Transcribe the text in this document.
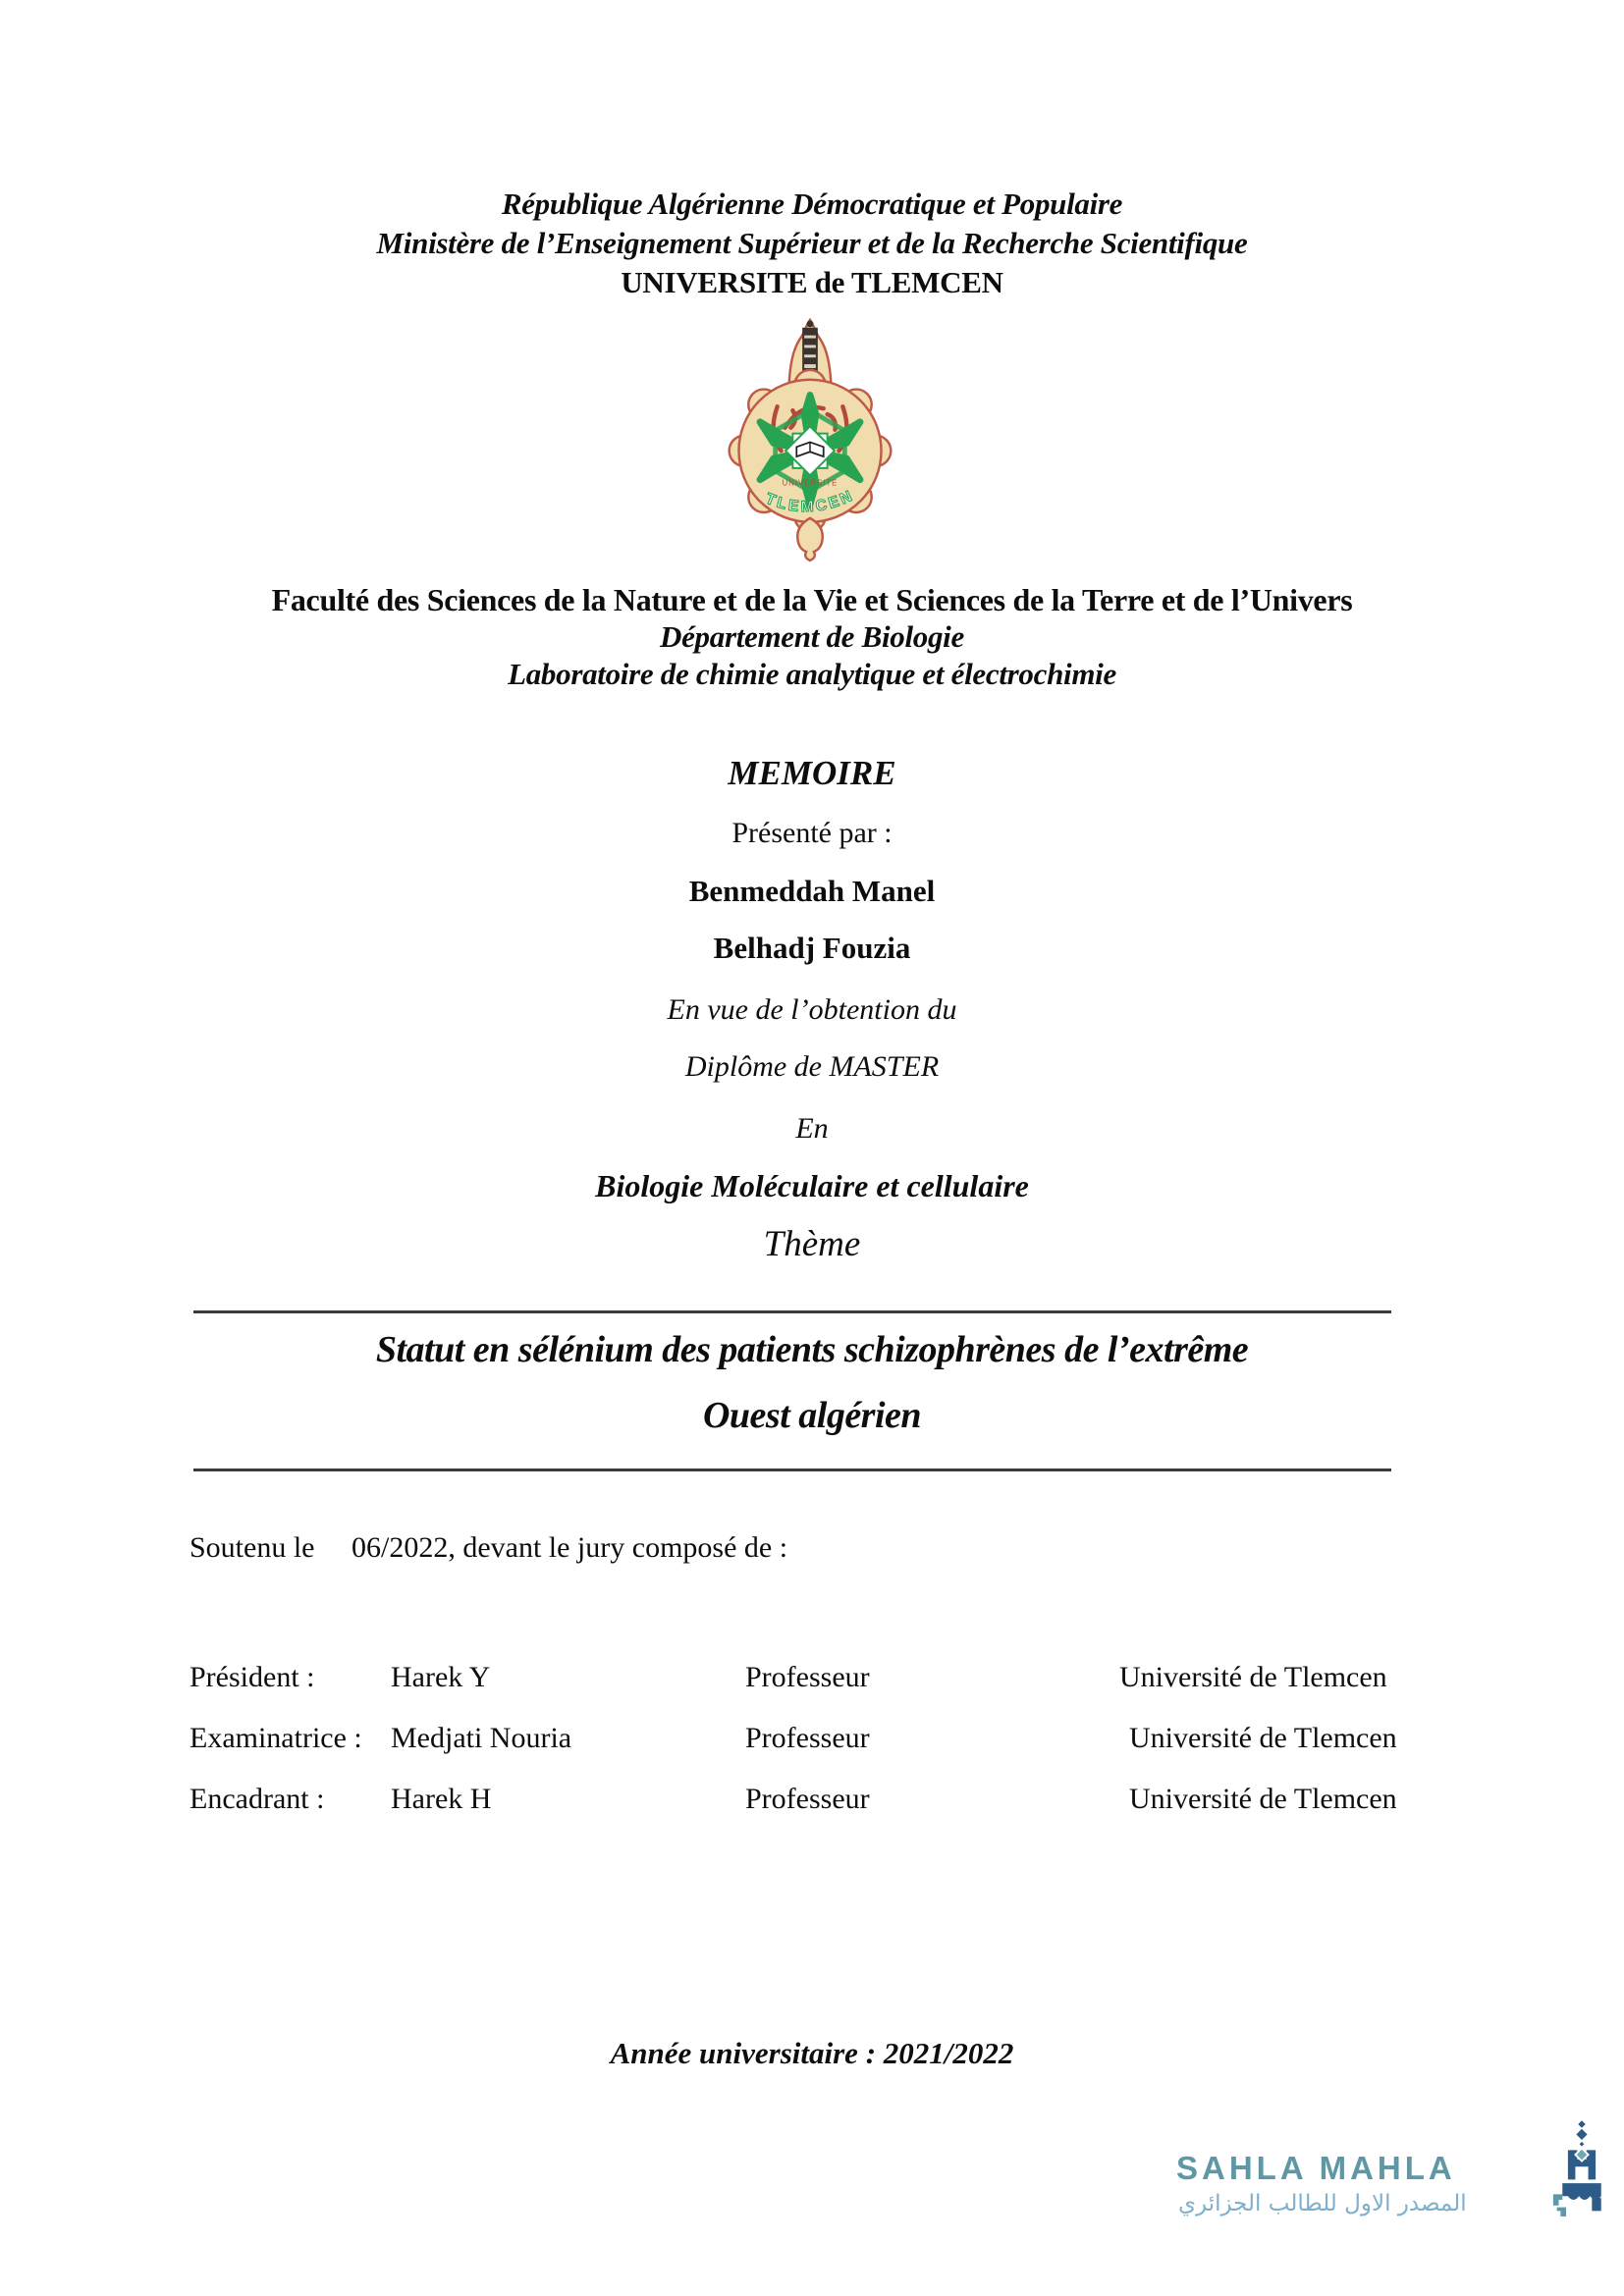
République Algérienne Démocratique et Populaire
Ministère de l’Enseignement Supérieur et de la Recherche Scientifique
UNIVERSITE de TLEMCEN
UNIVERSITE
TLEMCEN
Faculté des Sciences de la Nature et de la Vie et Sciences de la Terre et de l’Univers
Département de Biologie
Laboratoire de chimie analytique et électrochimie
MEMOIRE
Présenté par :
Benmeddah Manel
Belhadj Fouzia
En vue de l’obtention du
Diplôme de MASTER
En
Biologie Moléculaire et cellulaire
Thème
Statut en sélénium des patients schizophrènes de l’extrême
Ouest algérien
Soutenu le     06/2022, devant le jury composé de :
Président :	Harek Y	Professeur	Université de Tlemcen
Examinatrice : Medjati Nouria	Professeur	Université de Tlemcen
Encadrant : Harek H	Professeur	Université de Tlemcen
Année universitaire : 2021/2022
SAHLA MAHLA
المصدر الاول للطالب الجزائري
